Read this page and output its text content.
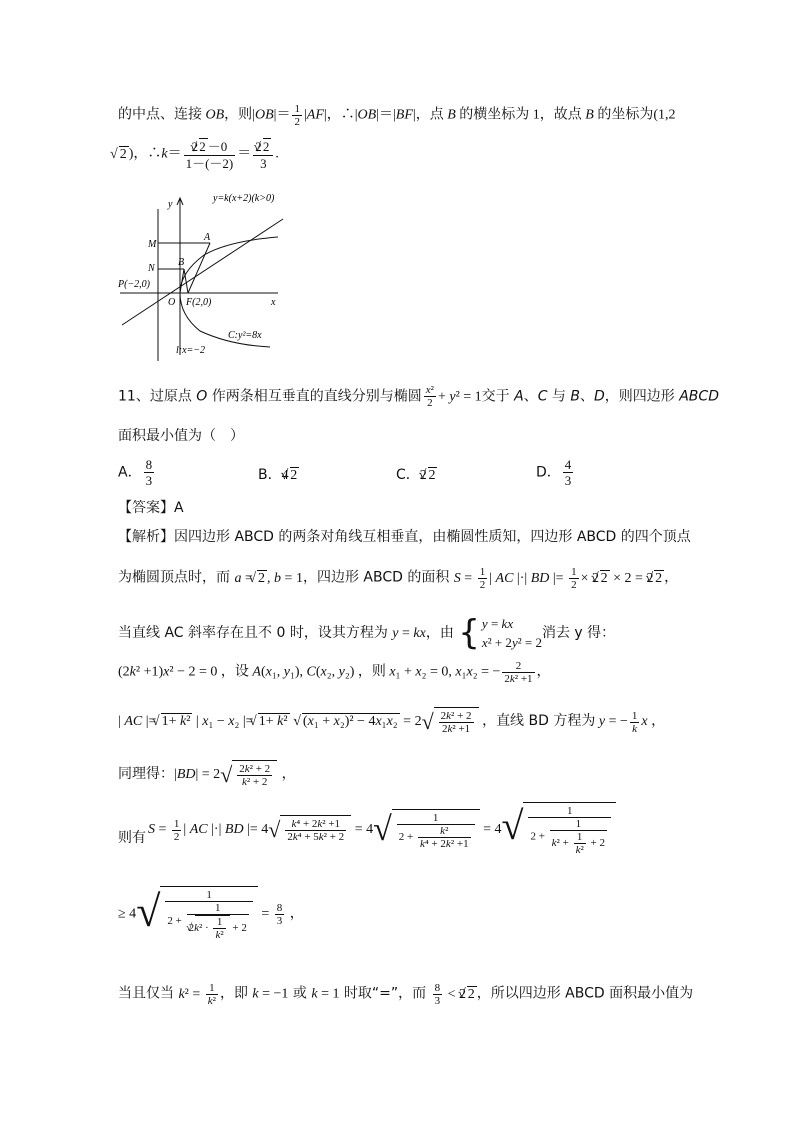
的中点、连接 OB，则$|OB|= \frac{1}{2} |AF|$，∴|OB|＝|BF|，点 B 的横坐标为 1，故点 B 的坐标为(1,2
√ 2 )，∴k＝ $\frac{2√ 2 -0}{1-(-2)} = \frac{2√ 2}{3}$ .
y=k(x+2)(k>0)
y
x
M
N
A
B
P(−2,0)
O F(2,0)
C:y²=8x
l:x=−2
11、过原点 O 作两条相互垂直的直线分别与椭圆 $\frac{\text{x²}}{2} + y^2 = 1$交于 A、C 与 B、D，则四边形 ABCD
面积最小值为（　）
A． $\frac{8}{3}$	B．4√ 2	C．2√ 2	D． $\frac{4}{3}$
【答案】A
【解析】因四边形 ABCD 的两条对角线互相垂直，由椭圆性质知，四边形 ABCD 的四个顶点
为椭圆顶点时，而 a = √ 2 , b = 1，四边形 ABCD 的面积 $S = \frac{1}{2}$ | AC |·| BD |= $\frac{1}{2} \times 2√$ 2 × 2 = 2√ 2 ，
当直线 AC 斜率存在且不 0 时，设其方程为 y = kx，由 { y = kx
x² + 2y² = 2消去 y 得：
(2k² +1)x² − 2 = 0 ，设 A(x₁, y₁), C(x₂, y₂) ，则 x₁ + x₂ = 0, x₁x₂ = − $\frac{2}{\text{2k² +1}}$ ，
| AC |= √ 1+ k² | x₁ − x₂ |= √ 1+ k² · √ (x₁ + x₂)² − 4x₁x₂ = 2 √ $\frac{\text{2k² + 2}}{\text{2k² +1}}$ ，直线 BD 方程为 y = − $\frac{1}{k}$ x ，
同理得：|BD| = 2 √ $\frac{\text{2k² + 2}}{\text{k² + 2}}$ ，
则有
$S = \frac{1}{2}$ | AC |·| BD |= 4 √ $\frac{\text{k⁴ + 2k² +1}}{\text{2k⁴ + 5k² + 2}} = 4$ √ $\frac{1}{2 + \frac{\text{k²}}{\text{k⁴ + 2k² +1}}} = 4$ √ $\frac{1}{2 + \frac{1}{k^2 + \frac{1}{\text{k²}} + 2}}$
≥ 4 √ $\frac{1}{2 + \frac{1}{2√ k^2 \cdot \frac{1}{\text{k²}} + 2}} = \frac{8}{3}$ ，
当且仅当 $k^2 = \frac{1}{\text{k²}}$ ，即 k = −1 或 k = 1 时取“=”，而 $\frac{8}{3} < 2√$ 2 ，所以四边形 ABCD 面积最小值为
